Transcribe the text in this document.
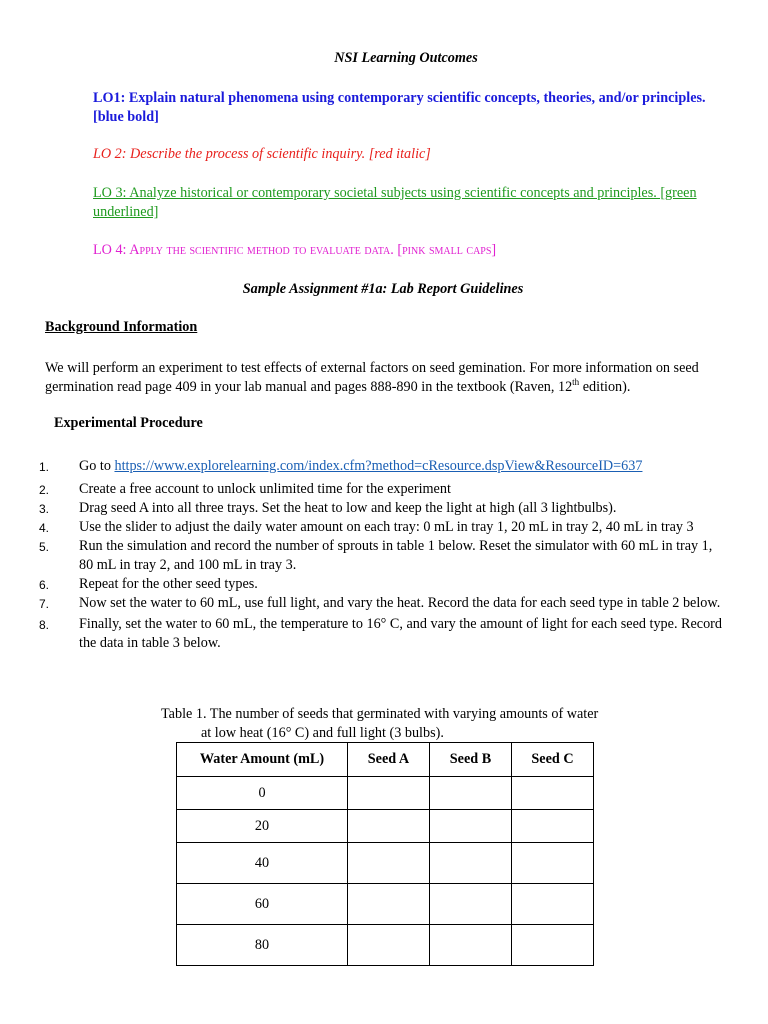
NSI Learning Outcomes
LO1: Explain natural phenomena using contemporary scientific concepts, theories, and/or principles. [blue bold]
LO 2: Describe the process of scientific inquiry. [red italic]
LO 3: Analyze historical or contemporary societal subjects using scientific concepts and principles. [green underlined]
LO 4: Apply the scientific method to evaluate data. [pink small caps]
Sample Assignment #1a: Lab Report Guidelines
Background Information
We will perform an experiment to test effects of external factors on seed gemination. For more information on seed germination read page 409 in your lab manual and pages 888-890 in the textbook (Raven, 12th edition).
Experimental Procedure
1. Go to https://www.explorelearning.com/index.cfm?method=cResource.dspView&ResourceID=637
2. Create a free account to unlock unlimited time for the experiment
3. Drag seed A into all three trays. Set the heat to low and keep the light at high (all 3 lightbulbs).
4. Use the slider to adjust the daily water amount on each tray: 0 mL in tray 1, 20 mL in tray 2, 40 mL in tray 3
5. Run the simulation and record the number of sprouts in table 1 below. Reset the simulator with 60 mL in tray 1, 80 mL in tray 2, and 100 mL in tray 3.
6. Repeat for the other seed types.
7. Now set the water to 60 mL, use full light, and vary the heat. Record the data for each seed type in table 2 below.
8. Finally, set the water to 60 mL, the temperature to 16° C, and vary the amount of light for each seed type. Record the data in table 3 below.
Table 1. The number of seeds that germinated with varying amounts of water
at low heat (16° C) and full light (3 bulbs).
Water Amount (mL)	Seed A	Seed B	Seed C
0			
20			
40			
60			
80			
